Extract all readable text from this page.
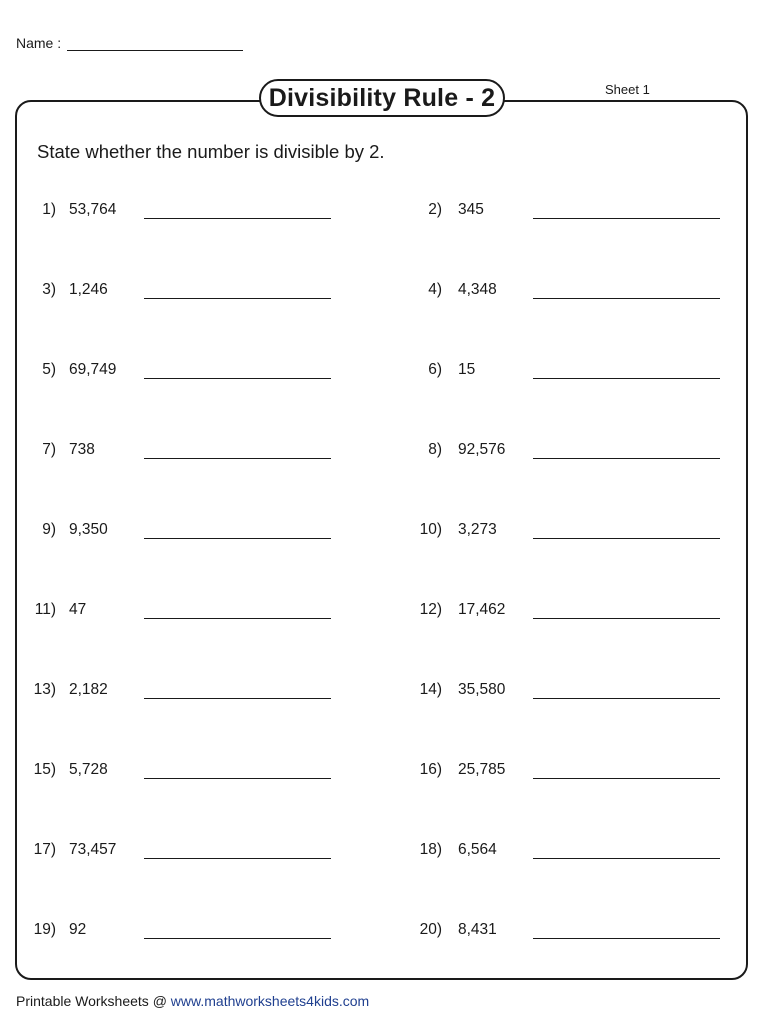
Name :
Sheet 1
Divisibility Rule - 2
State whether the number is divisible by 2.
1) 53,764	2) 345
3) 1,246	4) 4,348
5) 69,749	6) 15
7) 738	8) 92,576
9) 9,350	10) 3,273
11) 47	12) 17,462
13) 2,182	14) 35,580
15) 5,728	16) 25,785
17) 73,457	18) 6,564
19) 92	20) 8,431
Printable Worksheets @ www.mathworksheets4kids.com
